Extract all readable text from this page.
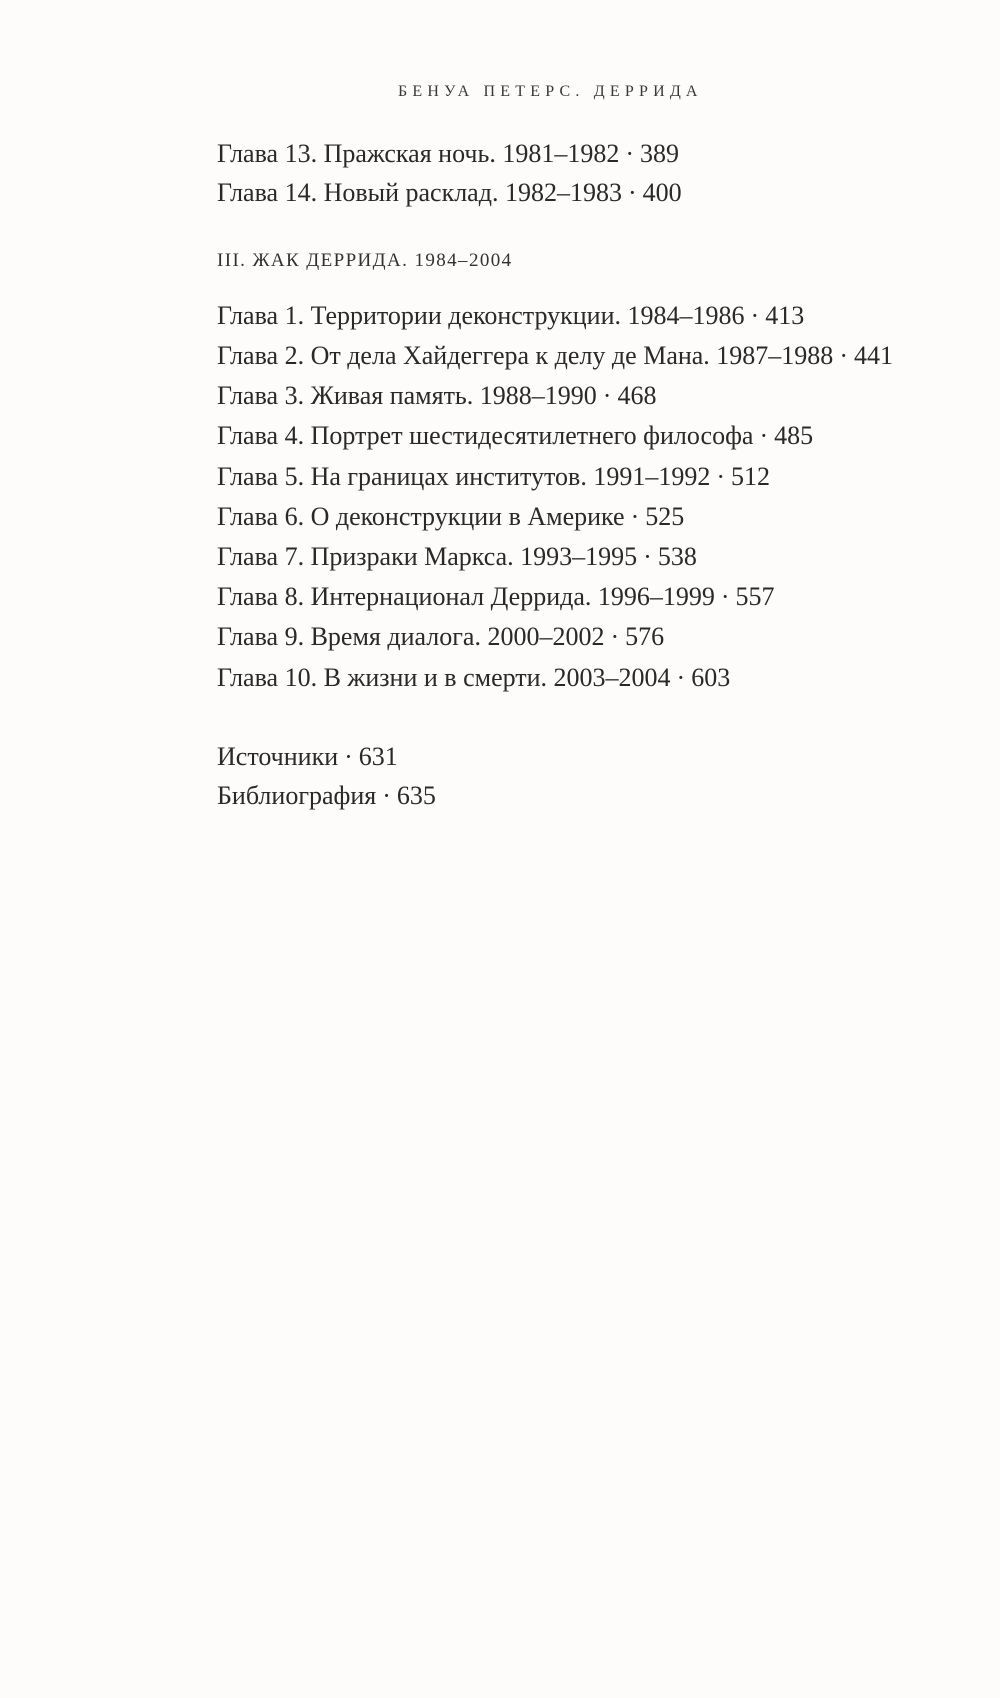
БЕНУА ПЕТЕРС. ДЕРРИДА
Глава 13. Пражская ночь. 1981–1982 · 389
Глава 14. Новый расклад. 1982–1983 · 400
III. ЖАК ДЕРРИДА. 1984–2004
Глава 1. Территории деконструкции. 1984–1986 · 413
Глава 2. От дела Хайдеггера к делу де Мана. 1987–1988 · 441
Глава 3. Живая память. 1988–1990 · 468
Глава 4. Портрет шестидесятилетнего философа · 485
Глава 5. На границах институтов. 1991–1992 · 512
Глава 6. О деконструкции в Америке · 525
Глава 7. Призраки Маркса. 1993–1995 · 538
Глава 8. Интернационал Деррида. 1996–1999 · 557
Глава 9. Время диалога. 2000–2002 · 576
Глава 10. В жизни и в смерти. 2003–2004 · 603
Источники · 631
Библиография · 635
